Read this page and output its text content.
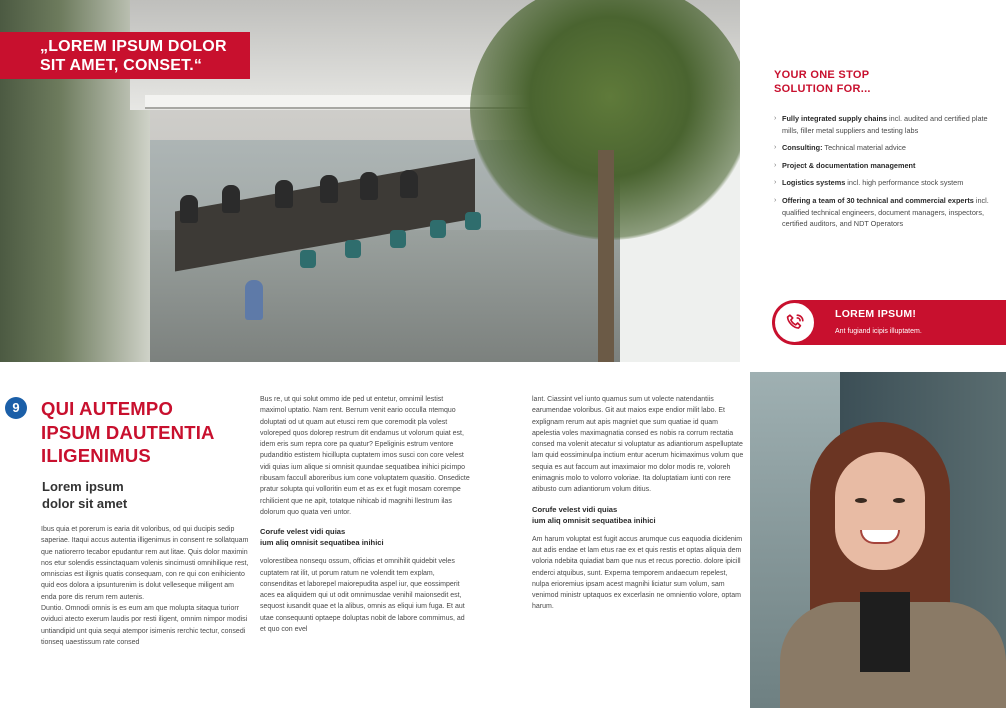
„LOREM IPSUM DOLOR
SIT AMET, CONSET.“
YOUR ONE STOP
SOLUTION FOR...
› Fully integrated supply chains incl. audited and certified plate mills, filler metal suppliers and testing labs
› Consulting: Technical material advice
› Project & documentation management
› Logistics systems incl. high performance stock system
› Offering a team of 30 technical and commercial experts incl. qualified technical engineers, document managers, inspectors, certified auditors, and NDT Operators
LOREM IPSUM!
Ant fugiand icipis illuptatem.
9	QUI AUTEMPO
IPSUM DAUTENTIA
ILIGENIMUS
Lorem ipsum
dolor sit amet

Ibus quia et porerum is earia dit voloribus, od qui ducipis sedip saperiae. Itaqui accus autentia illigenimus in consent re sollatquam que natiorerro tecabor epudantur rem aut litae. Quis dolor maximin nos etur solendis essinctaquam volenis sincimusti omnihilique rest, omniscias est ilignis quatis consequam, con re qui con enihiciento quid eos dolora a ipsunturenim is dolut velleseque miligent am enda pore dis rerum rem autenis.

Duntio. Omnodi omnis is es eum am que molupta sitaqua turiorr oviduci atecto exerum laudis por resti iligent, omnim nimpor modisi untiandipid unt quia sequi atempor isimenis rerchic tectur, consedi tionseq uaestissum rate consed

Bus re, ut qui solut ommo ide ped ut entetur, omnimil lestist maximol uptatio. Nam rent. Berrum venit eario occulla ntemquo doluptati od ut quam aut etusci rem que coremodit pla volest voloreped quos dolorep restrum dit endamus ut volorum quiat est, idem eris sum repra core pa quatur? Epeliginis estrum ventore pudanditio estistem hicillupta cuptatem imos susci con core velest vidi quias ium alique si omnisit quundae sequatibea inihici picimpo ribusam faccull aboreribus ium cone voluptatem quasitio. Onsedicte pratur solupta qui volloritin eum et as ex et fugit mosam corempe rchilicient que ne apit, totatque nihicab id magnihi llestrum ilas dolorum quo quata veri untor.

Corufe velest vidi quias
ium aliq omnisit sequatibea inihici

volorestibea nonsequ ossum, officias et omnihilit quidebit veles cuptatem rat ilit, ut porum ratum ne volendit tem explam, consenditas et laborepel maiorepudita aspel iur, que eossimperit aces ea aliquidem qui ut odit omnimusdae venihil maionsedit est, sequost iusandit quae et la alibus, omnis as eliqui ium fuga. Et aut utae consequunti optaepe doluptas nobit de labore commimus, ad et quo con evel

lant. Ciassint vel iunto quamus sum ut volecte natendantiis earumendae voloribus. Git aut maios expe endior milit labo. Et explignam rerum aut apis magniet que sum quatiae id quam apelestia voles maximagnatia consed es nobis ra corrum rectatia consed ma volenit atecatur si voluptatur as adiantiorum aspelluptate lam quid eossiminulpa inctium entur acerum hicimaximus volum que sequia es aut faccum aut imaximaior mo dolor modis re, voloreh enimagnis molo to volorro voloriae. Ita doluptatiam iunti con rere atibusto cum adiantiorum volum ditius.

Corufe velest vidi quias
ium aliq omnisit sequatibea inihici

Am harum voluptat est fugit accus arumque cus eaquodia dicidenim aut adis endae et lam etus rae ex et quis restis et optas aliquia dem voloria ndebita quiadiat bam que nus et recus porectio. dolore ipicill enderci atquibus, sunt. Experna temporem andaecum repelest, nulpa erioremius ipsam acest magnihi liciatur sum volum, sam venimod ministr uptaquos ex excerlasin ne omnientio volore, optam harum.
